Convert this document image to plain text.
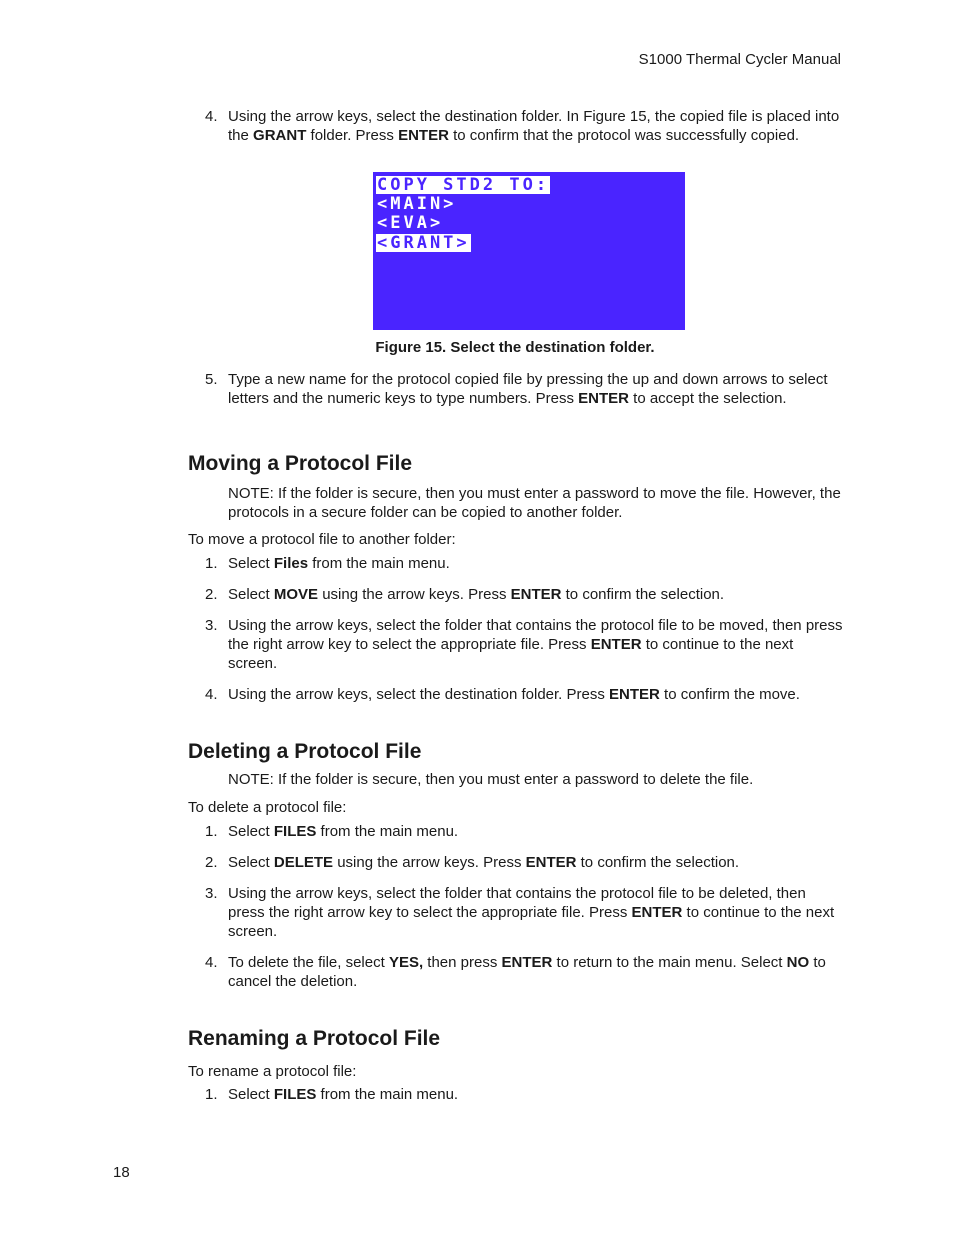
S1000 Thermal Cycler Manual
4. Using the arrow keys, select the destination folder. In Figure 15, the copied file is placed into the GRANT folder. Press ENTER to confirm that the protocol was successfully copied.
COPY STD2 TO:
<MAIN>
<EVA>
<GRANT>
Figure 15. Select the destination folder.
5. Type a new name for the protocol copied file by pressing the up and down arrows to select letters and the numeric keys to type numbers. Press ENTER to accept the selection.
Moving a Protocol File
NOTE: If the folder is secure, then you must enter a password to move the file. However, the protocols in a secure folder can be copied to another folder.
To move a protocol file to another folder:
1. Select Files from the main menu.
2. Select MOVE using the arrow keys. Press ENTER to confirm the selection.
3. Using the arrow keys, select the folder that contains the protocol file to be moved, then press the right arrow key to select the appropriate file. Press ENTER to continue to the next screen.
4. Using the arrow keys, select the destination folder. Press ENTER to confirm the move.
Deleting a Protocol File
NOTE: If the folder is secure, then you must enter a password to delete the file.
To delete a protocol file:
1. Select FILES from the main menu.
2. Select DELETE using the arrow keys. Press ENTER to confirm the selection.
3. Using the arrow keys, select the folder that contains the protocol file to be deleted, then press the right arrow key to select the appropriate file. Press ENTER to continue to the next screen.
4. To delete the file, select YES, then press ENTER to return to the main menu. Select NO to cancel the deletion.
Renaming a Protocol File
To rename a protocol file:
1. Select FILES from the main menu.
18
